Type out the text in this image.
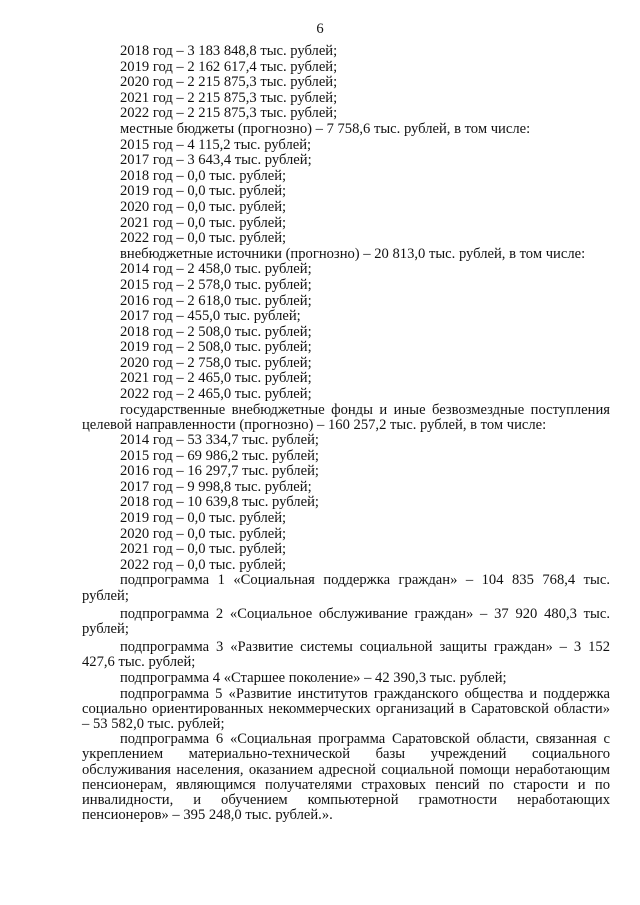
6
2018 год – 3 183 848,8 тыс. рублей;
2019 год – 2 162 617,4 тыс. рублей;
2020 год – 2 215 875,3 тыс. рублей;
2021 год – 2 215 875,3 тыс. рублей;
2022 год – 2 215 875,3 тыс. рублей;
местные бюджеты (прогнозно) – 7 758,6 тыс. рублей, в том числе:
2015 год – 4 115,2 тыс. рублей;
2017 год – 3 643,4 тыс. рублей;
2018 год – 0,0 тыс. рублей;
2019 год – 0,0 тыс. рублей;
2020 год – 0,0 тыс. рублей;
2021 год – 0,0 тыс. рублей;
2022 год – 0,0 тыс. рублей;
внебюджетные источники (прогнозно) – 20 813,0 тыс. рублей, в том числе:
2014 год – 2 458,0 тыс. рублей;
2015 год – 2 578,0 тыс. рублей;
2016 год – 2 618,0 тыс. рублей;
2017 год – 455,0 тыс. рублей;
2018 год – 2 508,0 тыс. рублей;
2019 год – 2 508,0 тыс. рублей;
2020 год – 2 758,0 тыс. рублей;
2021 год – 2 465,0 тыс. рублей;
2022 год – 2 465,0 тыс. рублей;

государственные внебюджетные фонды и иные безвозмездные поступления целевой направленности (прогнозно) – 160 257,2 тыс. рублей, в том числе:

2014 год – 53 334,7 тыс. рублей;
2015 год – 69 986,2 тыс. рублей;
2016 год – 16 297,7 тыс. рублей;
2017 год – 9 998,8 тыс. рублей;
2018 год – 10 639,8 тыс. рублей;
2019 год – 0,0 тыс. рублей;
2020 год – 0,0 тыс. рублей;
2021 год – 0,0 тыс. рублей;
2022 год – 0,0 тыс. рублей;

подпрограмма 1 «Социальная поддержка граждан» – 104 835 768,4 тыс. рублей;

подпрограмма 2 «Социальное обслуживание граждан» – 37 920 480,3 тыс. рублей;

подпрограмма 3 «Развитие системы социальной защиты граждан» – 3 152 427,6 тыс. рублей;

подпрограмма 4 «Старшее поколение» – 42 390,3 тыс. рублей;

подпрограмма 5 «Развитие институтов гражданского общества и поддержка социально ориентированных некоммерческих организаций в Саратовской области» – 53 582,0 тыс. рублей;

подпрограмма 6 «Социальная программа Саратовской области, связанная с укреплением материально-технической базы учреждений социального обслуживания населения, оказанием адресной социальной помощи неработающим пенсионерам, являющимся получателями страховых пенсий по старости и по инвалидности, и обучением компьютерной грамотности неработающих пенсионеров» – 395 248,0 тыс. рублей.».
